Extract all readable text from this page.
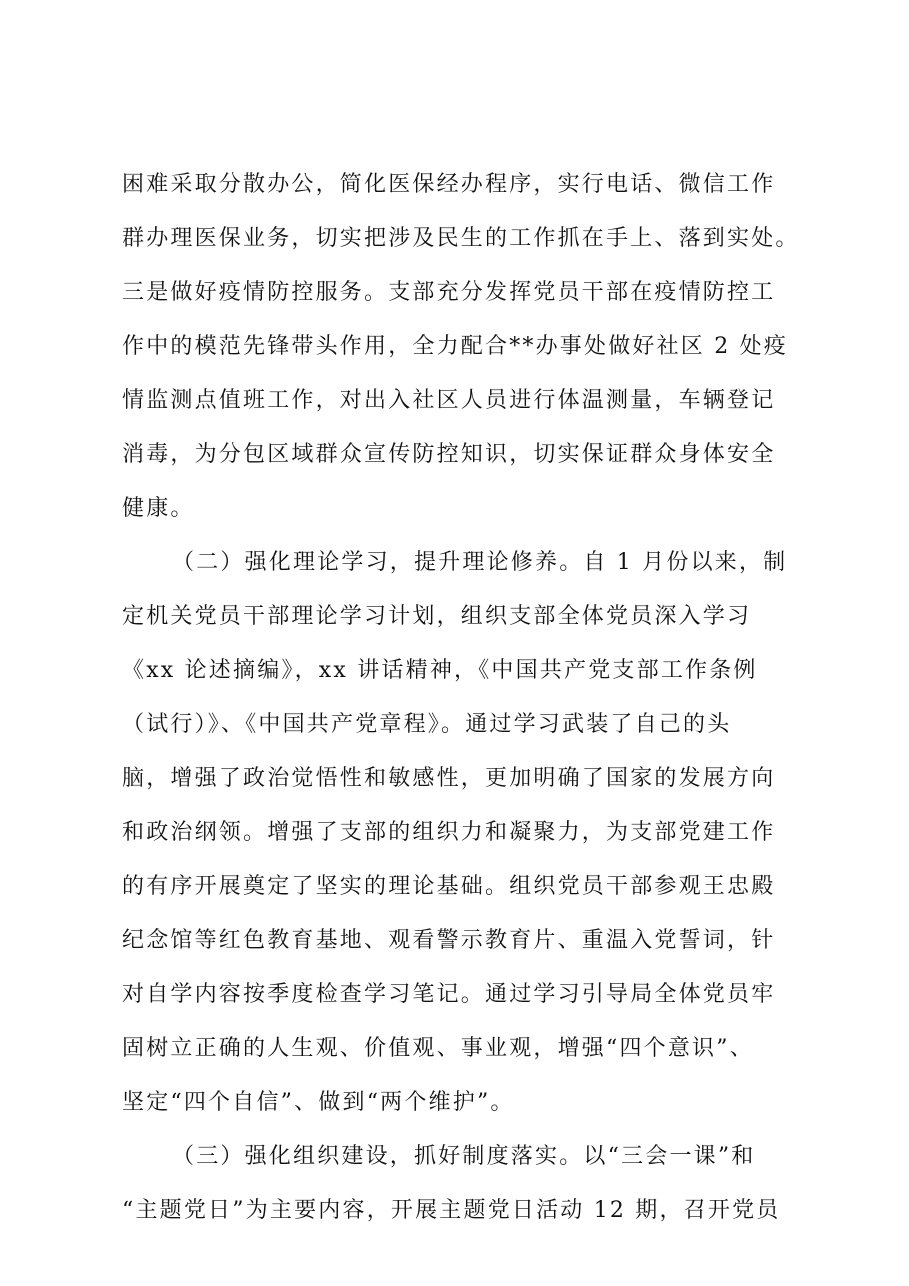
困难采取分散办公，简化医保经办程序，实行电话、微信工作
群办理医保业务，切实把涉及民生的工作抓在手上、落到实处。
三是做好疫情防控服务。支部充分发挥党员干部在疫情防控工
作中的模范先锋带头作用，全力配合**办事处做好社区 2 处疫
情监测点值班工作，对出入社区人员进行体温测量，车辆登记
消毒，为分包区域群众宣传防控知识，切实保证群众身体安全
健康。
（二）强化理论学习，提升理论修养。自 1 月份以来，制
定机关党员干部理论学习计划，组织支部全体党员深入学习
《xx 论述摘编》，xx 讲话精神，《中国共产党支部工作条例
（试行）》、《中国共产党章程》。通过学习武装了自己的头
脑，增强了政治觉悟性和敏感性，更加明确了国家的发展方向
和政治纲领。增强了支部的组织力和凝聚力，为支部党建工作
的有序开展奠定了坚实的理论基础。组织党员干部参观王忠殿
纪念馆等红色教育基地、观看警示教育片、重温入党誓词，针
对自学内容按季度检查学习笔记。通过学习引导局全体党员牢
固树立正确的人生观、价值观、事业观，增强“四个意识”、
坚定“四个自信”、做到“两个维护”。
（三）强化组织建设，抓好制度落实。以“三会一课”和
“主题党日”为主要内容，开展主题党日活动 12 期，召开党员
